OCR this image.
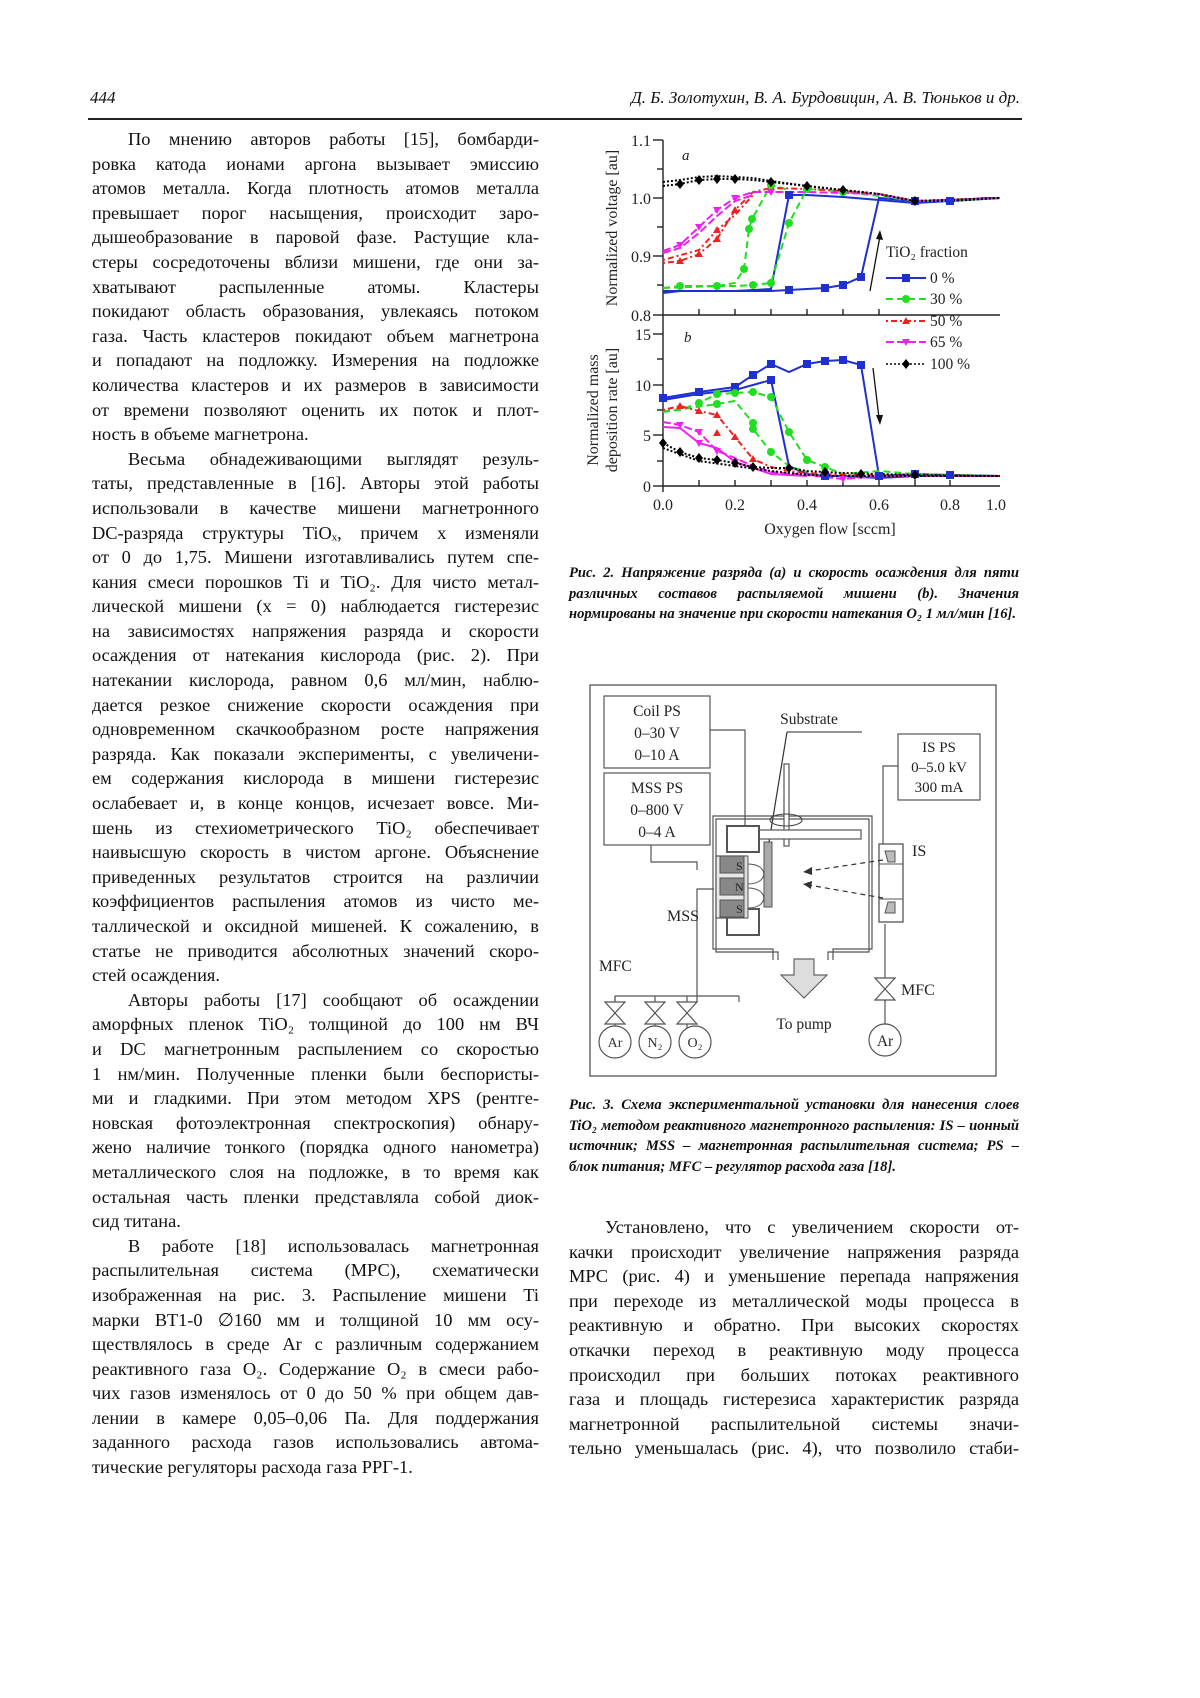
444	Д. Б. Золотухин, В. А. Бурдовицин, А. В. Тюньков и др.
По мнению авторов работы [15], бомбарди-
ровка катода ионами аргона вызывает эмиссию
атомов металла. Когда плотность атомов металла
превышает порог насыщения, происходит заро-
дышеобразование в паровой фазе. Растущие кла-
стеры сосредоточены вблизи мишени, где они за-
хватывают распыленные атомы. Кластеры
покидают область образования, увлекаясь потоком
газа. Часть кластеров покидают объем магнетрона
и попадают на подложку. Измерения на подложке
количества кластеров и их размеров в зависимости
от времени позволяют оценить их поток и плот-
ность в объеме магнетрона.
Весьма обнадеживающими выглядят резуль-
таты, представленные в [16]. Авторы этой работы
использовали в качестве мишени магнетронного
DC-разряда структуры TiOₓ, причем x изменяли
от 0 до 1,75. Мишени изготавливались путем спе-
кания смеси порошков Ti и TiO₂. Для чисто метал-
лической мишени (x = 0) наблюдается гистерезис
на зависимостях напряжения разряда и скорости
осаждения от натекания кислорода (рис. 2). При
натекании кислорода, равном 0,6 мл/мин, наблю-
дается резкое снижение скорости осаждения при
одновременном скачкообразном росте напряжения
разряда. Как показали эксперименты, с увеличени-
ем содержания кислорода в мишени гистерезис
ослабевает и, в конце концов, исчезает вовсе. Ми-
шень из стехиометрического TiO₂ обеспечивает
наивысшую скорость в чистом аргоне. Объяснение
приведенных результатов строится на различии
коэффициентов распыления атомов из чисто ме-
таллической и оксидной мишеней. К сожалению, в
статье не приводится абсолютных значений скоро-
стей осаждения.
Авторы работы [17] сообщают об осаждении
аморфных пленок TiO₂ толщиной до 100 нм ВЧ
и DC магнетронным распылением со скоростью
1 нм/мин. Полученные пленки были беспористы-
ми и гладкими. При этом методом XPS (рентге-
новская фотоэлектронная спектроскопия) обнару-
жено наличие тонкого (порядка одного нанометра)
металлического слоя на подложке, в то время как
остальная часть пленки представляла собой диок-
сид титана.
В работе [18] использовалась магнетронная
распылительная система (МРС), схематически
изображенная на рис. 3. Распыление мишени Ti
марки ВТ1-0 ∅160 мм и толщиной 10 мм осу-
ществлялось в среде Ar с различным содержанием
реактивного газа O₂. Содержание O₂ в смеси рабо-
чих газов изменялось от 0 до 50 % при общем дав-
лении в камере 0,05–0,06 Па. Для поддержания
заданного расхода газов использовались автома-
тические регуляторы расхода газа РРГ-1.
1.1
1.0
0.9
0.8
a
Normalized voltage [au]	TiO₂ fraction
0 %
30 %
50 %
65 %
100 %
15
10
5
0
b
Normalized mass deposition rate [au]
0.0	0.2	0.4	0.6	0.8 1.0
Oxygen flow [sccm]
Рис. 2. Напряжение разряда (a) и скорость осаждения для пяти различных составов распыляемой мишени (b). Значения нормированы на значение при скорости натекания O₂ 1 мл/мин [16].
Coil PS
0–30 V
0–10 A
MSS PS
0–800 V
0–4 A
IS PS
0–5.0 kV
300 mA
Substrate
S
N
S
MSS
IS
To pump
MFC
Ar N₂ O₂
MFC
Ar
Рис. 3. Схема экспериментальной установки для нанесения слоев TiO₂ методом реактивного магнетронного распыления: IS – ионный источник; MSS – магнетронная распылительная система; PS – блок питания; MFC – регулятор расхода газа [18].
Установлено, что с увеличением скорости от-
качки происходит увеличение напряжения разряда
МРС (рис. 4) и уменьшение перепада напряжения
при переходе из металлической моды процесса в
реактивную и обратно. При высоких скоростях
откачки переход в реактивную моду процесса
происходил при больших потоках реактивного
газа и площадь гистерезиса характеристик разряда
магнетронной распылительной системы значи-
тельно уменьшалась (рис. 4), что позволило стаби-
